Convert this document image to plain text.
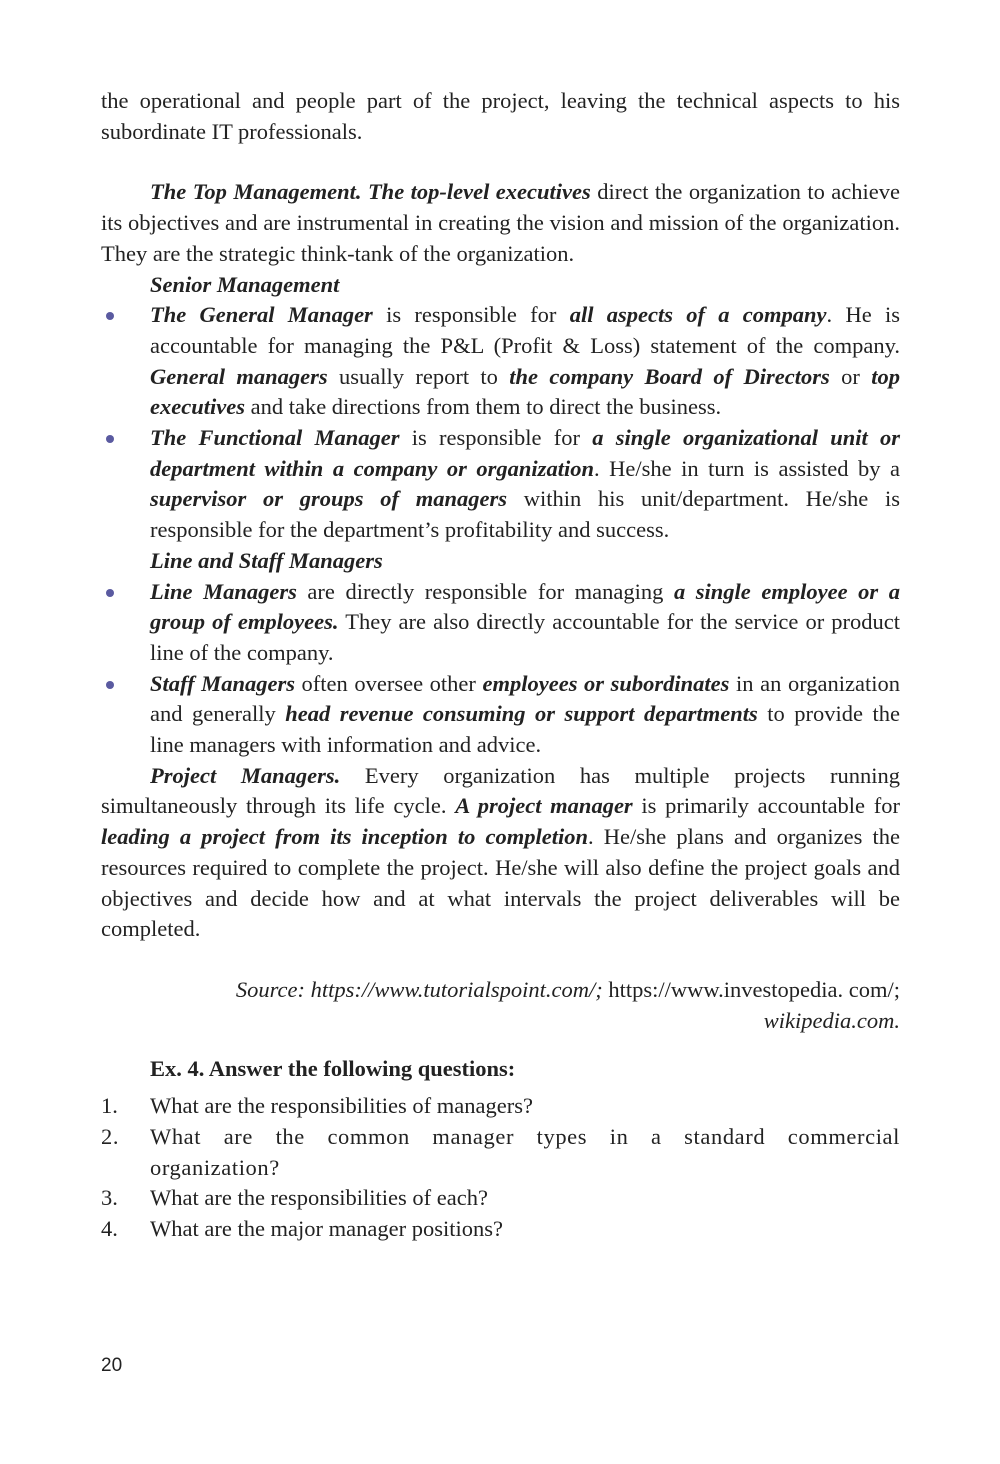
the operational and people part of the project, leaving the technical aspects to his subordinate IT professionals.

The Top Management. The top-level executives direct the organization to achieve its objectives and are instrumental in creating the vision and mission of the organization. They are the strategic think-tank of the organization.

Senior Management
The General Manager is responsible for all aspects of a company. He is accountable for managing the P&L (Profit & Loss) statement of the company. General managers usually report to the company Board of Directors or top executives and take directions from them to direct the business.
The Functional Manager is responsible for a single organizational unit or department within a company or organization. He/she in turn is assisted by a supervisor or groups of managers within his unit/department. He/she is responsible for the department’s profitability and success.
Line and Staff Managers
Line Managers are directly responsible for managing a single employee or a group of employees. They are also directly accountable for the service or product line of the company.
Staff Managers often oversee other employees or subordinates in an organization and generally head revenue consuming or support departments to provide the line managers with information and advice.

Project Managers. Every organization has multiple projects running simultaneously through its life cycle. A project manager is primarily accountable for leading a project from its inception to completion. He/she plans and organizes the resources required to complete the project. He/she will also define the project goals and objectives and decide how and at what intervals the project deliverables will be completed.

Source: https://www.tutorialspoint.com/; https://www.investopedia. com/; wikipedia.com.
Ex. 4. Answer the following questions:
1. What are the responsibilities of managers?
2. What are the common manager types in a standard commercial organization?
3. What are the responsibilities of each?
4. What are the major manager positions?
20
